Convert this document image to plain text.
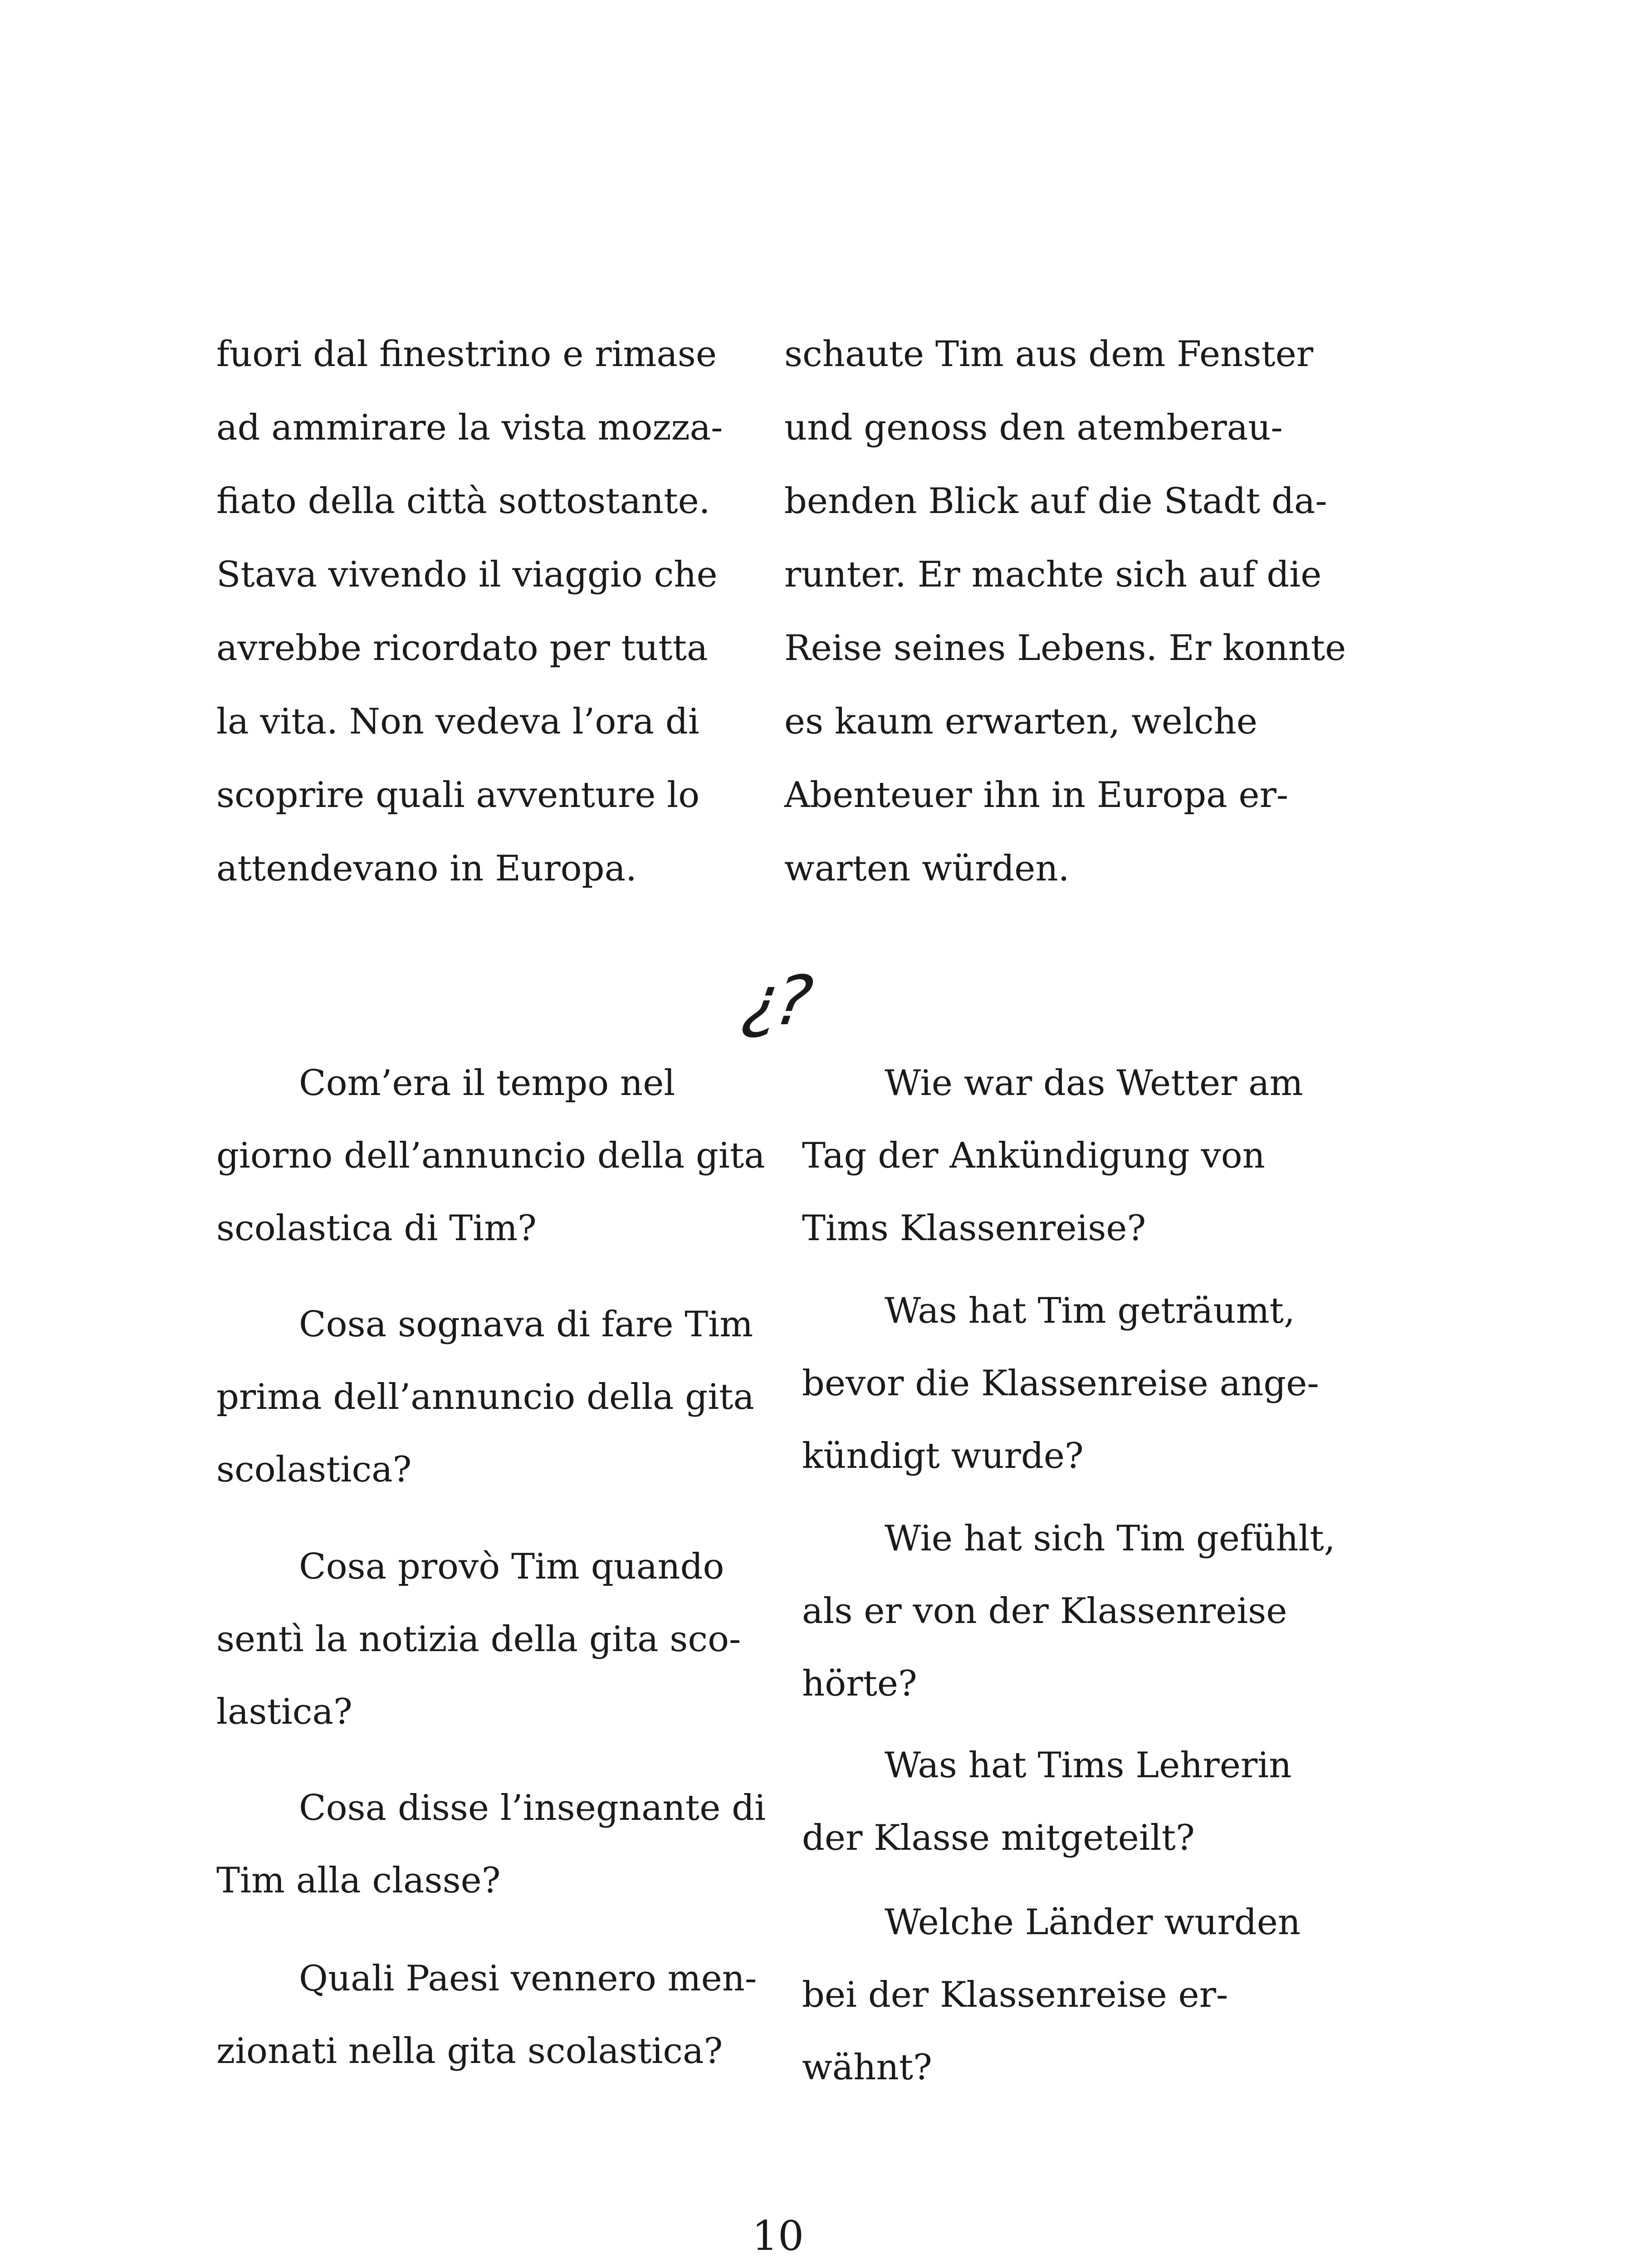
fuori dal finestrino e rimase
ad ammirare la vista mozza-
fiato della città sottostante.
Stava vivendo il viaggio che
avrebbe ricordato per tutta
la vita. Non vedeva l’ora di
scoprire quali avventure lo
attendevano in Europa.
schaute Tim aus dem Fenster
und genoss den atemberau-
benden Blick auf die Stadt da-
runter. Er machte sich auf die
Reise seines Lebens. Er konnte
es kaum erwarten, welche
Abenteuer ihn in Europa er-
warten würden.
¿?
Com’era il tempo nel
giorno dell’annuncio della gita
scolastica di Tim?
Cosa sognava di fare Tim
prima dell’annuncio della gita
scolastica?
Cosa provò Tim quando
sentì la notizia della gita sco-
lastica?
Cosa disse l’insegnante di
Tim alla classe?
Quali Paesi vennero men-
zionati nella gita scolastica?
Wie war das Wetter am
Tag der Ankündigung von
Tims Klassenreise?
Was hat Tim geträumt,
bevor die Klassenreise ange-
kündigt wurde?
Wie hat sich Tim gefühlt,
als er von der Klassenreise
hörte?
Was hat Tims Lehrerin
der Klasse mitgeteilt?
Welche Länder wurden
bei der Klassenreise er-
wähnt?
10
